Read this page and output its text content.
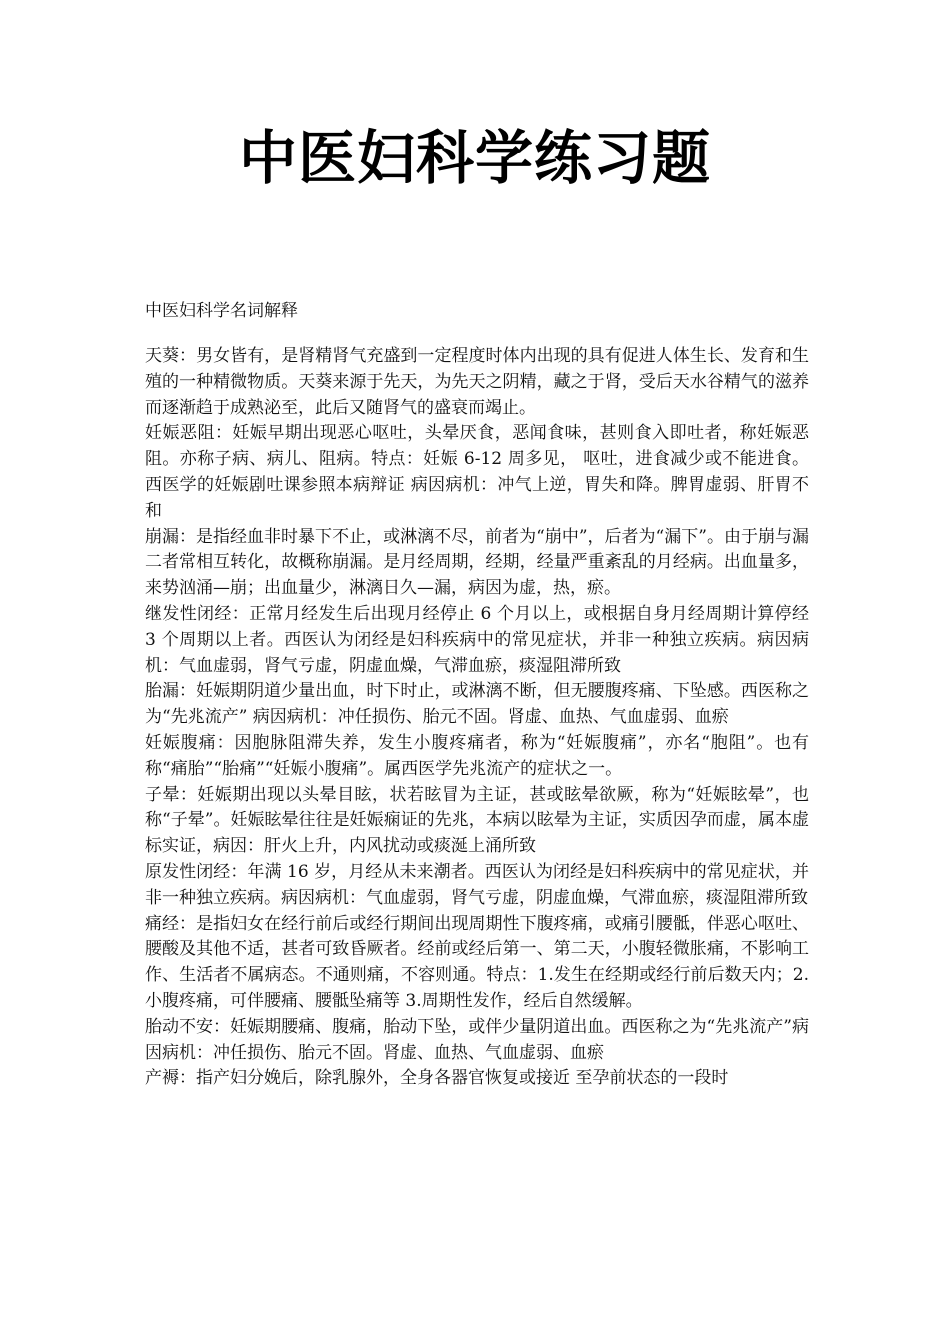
中医妇科学练习题

中医妇科学名词解释

天葵：男女皆有，是肾精肾气充盛到一定程度时体内出现的具有促进人体生长、发育和生殖的一种精微物质。天葵来源于先天，为先天之阴精，藏之于肾，受后天水谷精气的滋养而逐渐趋于成熟泌至，此后又随肾气的盛衰而竭止。

妊娠恶阻：妊娠早期出现恶心呕吐，头晕厌食，恶闻食味，甚则食入即吐者，称妊娠恶阻。亦称子病、病儿、阻病。特点：妊娠 6-12 周多见， 呕吐，进食减少或不能进食。西医学的妊娠剧吐课参照本病辩证 病因病机：冲气上逆，胃失和降。脾胃虚弱、肝胃不和

崩漏：是指经血非时暴下不止，或淋漓不尽，前者为“崩中”，后者为“漏下”。由于崩与漏二者常相互转化，故概称崩漏。是月经周期，经期，经量严重紊乱的月经病。出血量多，来势汹涌—崩；出血量少，淋漓日久—漏，病因为虚，热，瘀。

继发性闭经：正常月经发生后出现月经停止 6 个月以上，或根据自身月经周期计算停经 3 个周期以上者。西医认为闭经是妇科疾病中的常见症状，并非一种独立疾病。病因病机：气血虚弱，肾气亏虚，阴虚血燥，气滞血瘀，痰湿阻滞所致

胎漏：妊娠期阴道少量出血，时下时止，或淋漓不断，但无腰腹疼痛、下坠感。西医称之为“先兆流产” 病因病机：冲任损伤、胎元不固。肾虚、血热、气血虚弱、血瘀

妊娠腹痛：因胞脉阻滞失养，发生小腹疼痛者，称为“妊娠腹痛”，亦名“胞阻”。也有称“痛胎”“胎痛”“妊娠小腹痛”。属西医学先兆流产的症状之一。

子晕：妊娠期出现以头晕目眩，状若眩冒为主证，甚或眩晕欲厥，称为“妊娠眩晕”，也称“子晕”。妊娠眩晕往往是妊娠痫证的先兆，本病以眩晕为主证，实质因孕而虚，属本虚标实证，病因：肝火上升，内风扰动或痰涎上涌所致

原发性闭经：年满 16 岁，月经从未来潮者。西医认为闭经是妇科疾病中的常见症状，并非一种独立疾病。病因病机：气血虚弱，肾气亏虚，阴虚血燥，气滞血瘀，痰湿阻滞所致

痛经：是指妇女在经行前后或经行期间出现周期性下腹疼痛，或痛引腰骶，伴恶心呕吐、腰酸及其他不适，甚者可致昏厥者。经前或经后第一、第二天，小腹轻微胀痛，不影响工作、生活者不属病态。不通则痛，不容则通。特点：1.发生在经期或经行前后数天内；2.小腹疼痛，可伴腰痛、腰骶坠痛等 3.周期性发作，经后自然缓解。

胎动不安：妊娠期腰痛、腹痛，胎动下坠，或伴少量阴道出血。西医称之为“先兆流产”病因病机：冲任损伤、胎元不固。肾虚、血热、气血虚弱、血瘀

产褥：指产妇分娩后，除乳腺外，全身各器官恢复或接近 至孕前状态的一段时
